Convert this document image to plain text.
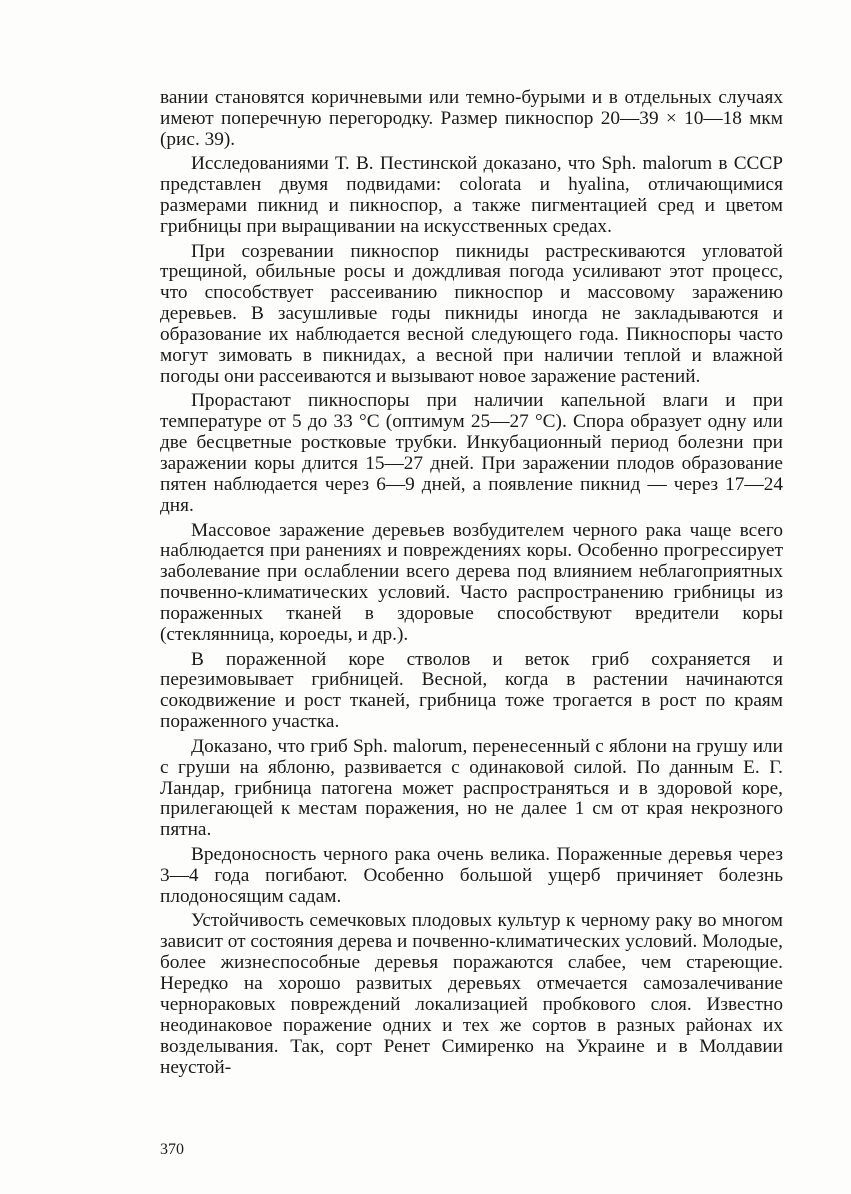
вании становятся коричневыми или темно-бурыми и в отдельных случаях имеют поперечную перегородку. Размер пикноспор 20—39 × 10—18 мкм (рис. 39).

Исследованиями Т. В. Пестинской доказано, что Sph. malorum в СССР представлен двумя подвидами: colorata и hyalina, отличающимися размерами пикнид и пикноспор, а также пигментацией сред и цветом грибницы при выращивании на искусственных средах.

При созревании пикноспор пикниды растрескиваются угловатой трещиной, обильные росы и дождливая погода усиливают этот процесс, что способствует рассеиванию пикноспор и массовому заражению деревьев. В засушливые годы пикниды иногда не закладываются и образование их наблюдается весной следующего года. Пикноспоры часто могут зимовать в пикнидах, а весной при наличии теплой и влажной погоды они рассеиваются и вызывают новое заражение растений.

Прорастают пикноспоры при наличии капельной влаги и при температуре от 5 до 33 °С (оптимум 25—27 °С). Спора образует одну или две бесцветные ростковые трубки. Инкубационный период болезни при заражении коры длится 15—27 дней. При заражении плодов образование пятен наблюдается через 6—9 дней, а появление пикнид — через 17—24 дня.

Массовое заражение деревьев возбудителем черного рака чаще всего наблюдается при ранениях и повреждениях коры. Особенно прогрессирует заболевание при ослаблении всего дерева под влиянием неблагоприятных почвенно-климатических условий. Часто распространению грибницы из пораженных тканей в здоровые способствуют вредители коры (стеклянница, короеды, и др.).

В пораженной коре стволов и веток гриб сохраняется и перезимовывает грибницей. Весной, когда в растении начинаются сокодвижение и рост тканей, грибница тоже трогается в рост по краям пораженного участка.

Доказано, что гриб Sph. malorum, перенесенный с яблони на грушу или с груши на яблоню, развивается с одинаковой силой. По данным Е. Г. Ландар, грибница патогена может распространяться и в здоровой коре, прилегающей к местам поражения, но не далее 1 см от края некрозного пятна.

Вредоносность черного рака очень велика. Пораженные деревья через 3—4 года погибают. Особенно большой ущерб причиняет болезнь плодоносящим садам.

Устойчивость семечковых плодовых культур к черному раку во многом зависит от состояния дерева и почвенно-климатических условий. Молодые, более жизнеспособные деревья поражаются слабее, чем стареющие. Нередко на хорошо развитых деревьях отмечается самозалечивание чернораковых повреждений локализацией пробкового слоя. Известно неодинаковое поражение одних и тех же сортов в разных районах их возделывания. Так, сорт Ренет Симиренко на Украине и в Молдавии неустой-

370
